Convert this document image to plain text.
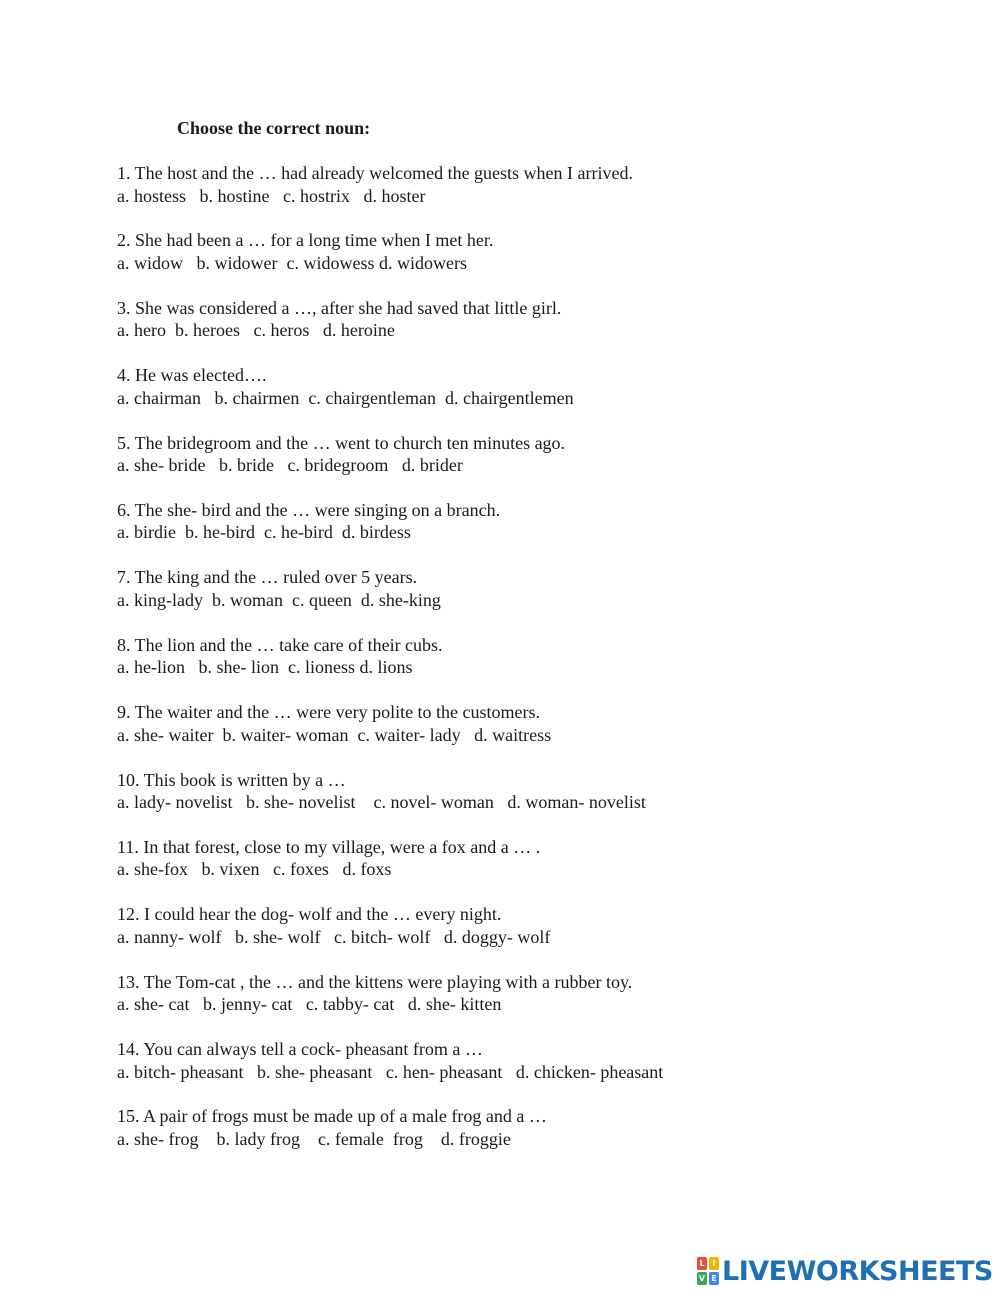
Choose the correct noun:
1. The host and the … had already welcomed the guests when I arrived.
a. hostess   b. hostine   c. hostrix   d. hoster
2. She had been a … for a long time when I met her.
a. widow   b. widower  c. widowess d. widowers
3. She was considered a …, after she had saved that little girl.
a. hero  b. heroes   c. heros   d. heroine
4. He was elected….
a. chairman   b. chairmen  c. chairgentleman  d. chairgentlemen
5. The bridegroom and the … went to church ten minutes ago.
a. she- bride   b. bride   c. bridegroom   d. brider
6. The she- bird and the … were singing on a branch.
a. birdie  b. he-bird  c. he-bird  d. birdess
7. The king and the … ruled over 5 years.
a. king-lady  b. woman  c. queen  d. she-king
8. The lion and the … take care of their cubs.
a. he-lion   b. she- lion  c. lioness d. lions
9. The waiter and the … were very polite to the customers.
a. she- waiter  b. waiter- woman  c. waiter- lady   d. waitress
10. This book is written by a …
a. lady- novelist   b. she- novelist    c. novel- woman   d. woman- novelist
11. In that forest, close to my village, were a fox and a … .
a. she-fox   b. vixen   c. foxes   d. foxs
12. I could hear the dog- wolf and the … every night.
a. nanny- wolf   b. she- wolf   c. bitch- wolf   d. doggy- wolf
13. The Tom-cat , the … and the kittens were playing with a rubber toy.
a. she- cat   b. jenny- cat   c. tabby- cat   d. she- kitten
14. You can always tell a cock- pheasant from a …
a. bitch- pheasant   b. she- pheasant   c. hen- pheasant   d. chicken- pheasant
15. A pair of frogs must be made up of a male frog and a …
a. she- frog    b. lady frog    c. female  frog    d. froggie
L I
V E LIVEWORKSHEETS
